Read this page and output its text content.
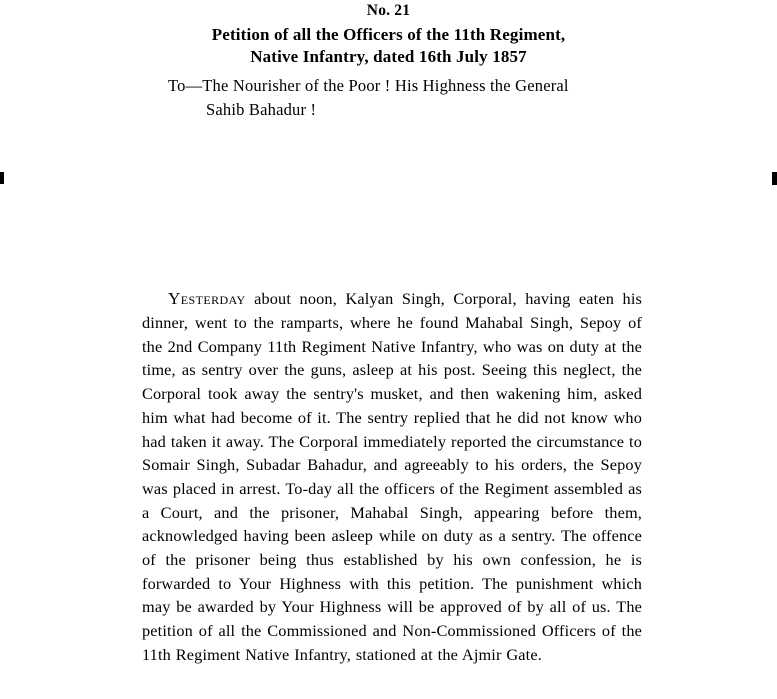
No. 21
Petition of all the Officers of the 11th Regiment,
Native Infantry, dated 16th July 1857
To—The Nourisher of the Poor ! His Highness the General
Sahib Bahadur !
Yesterday about noon, Kalyan Singh, Corporal, having eaten his dinner, went to the ramparts, where he found Mahabal Singh, Sepoy of the 2nd Company 11th Regiment Native Infantry, who was on duty at the time, as sentry over the guns, asleep at his post. Seeing this neglect, the Corporal took away the sentry's musket, and then wakening him, asked him what had become of it. The sentry replied that he did not know who had taken it away. The Corporal immediately reported the circumstance to Somair Singh, Subadar Bahadur, and agreeably to his orders, the Sepoy was placed in arrest. To-day all the officers of the Regiment assembled as a Court, and the prisoner, Mahabal Singh, appearing before them, acknowledged having been asleep while on duty as a sentry. The offence of the prisoner being thus established by his own confession, he is forwarded to Your Highness with this petition. The punishment which may be awarded by Your Highness will be approved of by all of us. The petition of all the Commissioned and Non-Commissioned Officers of the 11th Regiment Native Infantry, stationed at the Ajmir Gate.
